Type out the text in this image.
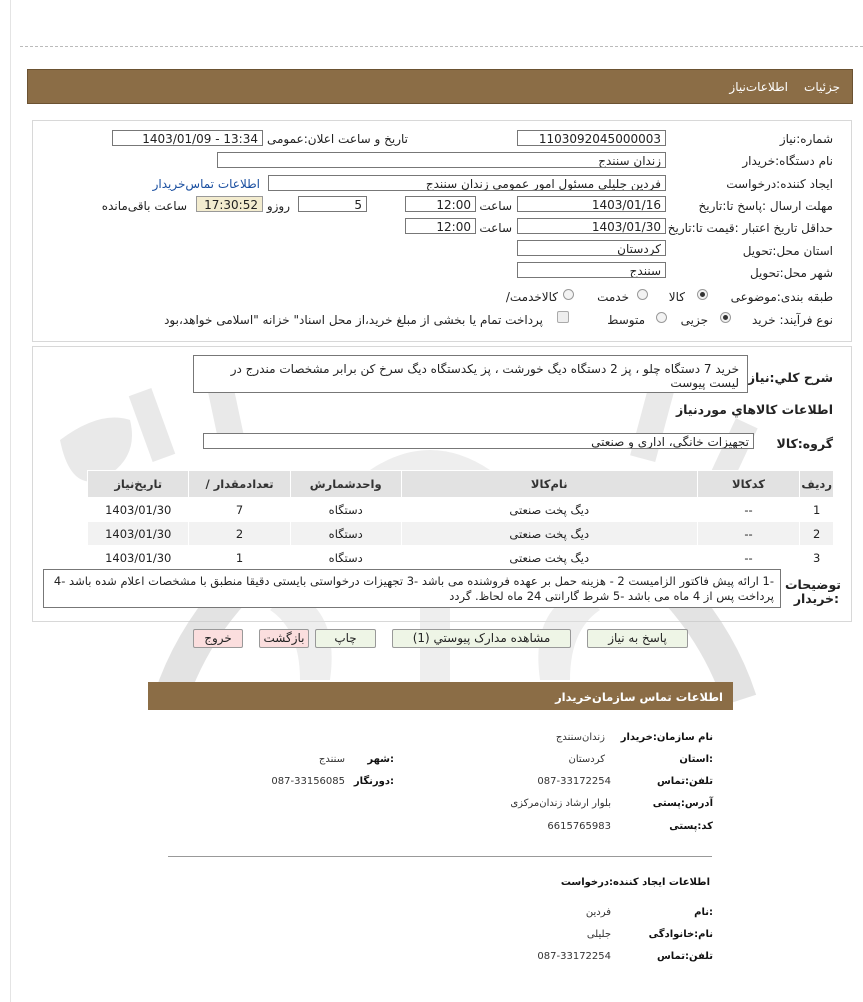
جزئیات
اطلاعات‌نیاز
شماره:نیاز
1103092045000003
تاریخ و ساعت اعلان:عمومی
1403/01/09 - 13:34
نام دستگاه:خریدار
زندان سنندج
ایجاد کننده:درخواست
فردین جلیلی مسئول امور عمومی زندان سنندج
اطلاعات تماس‌خریدار
مهلت ارسال :پاسخ تا:تاریخ
1403/01/16
ساعت
12:00
5
روزو
17:30:52
ساعت باقی‌مانده
حداقل تاریخ اعتبار :قیمت تا:تاریخ
1403/01/30
ساعت
12:00
استان محل:تحویل
کردستان
شهر محل:تحویل
سنندج
طبقه بندی:موضوعی
کالا
خدمت
/کالاخدمت
نوع فرآیند: خرید
جزیی
متوسط
پرداخت تمام یا بخشی از مبلغ خرید،از محل اسناد" خزانه "اسلامی خواهد،بود
شرح کلي:نياز
خرید 7 دستگاه چلو ، پز 2 دستگاه دیگ خورشت ، پز یکدستگاه دیگ سرخ کن برابر مشخصات مندرج در لیست پیوست
اطلاعات کالاهاي موردنياز
گروه:کالا
تجهیزات خانگی، اداری و صنعتی
تاريخ‌نياز	/ تعدادمقدار	واحدشمارش	نام‌کالا	کدکالا	رديف
1403/01/30	7	دستگاه	دیگ پخت صنعتی	--	1
1403/01/30	2	دستگاه	دیگ پخت صنعتی	--	2
1403/01/30	1	دستگاه	دیگ پخت صنعتی	--	3
توضیحات :خریدار
-1 ارائه پیش فاکتور الزامیست 2 - هزینه حمل بر عهده فروشنده می باشد -3 تجهیزات درخواستی بایستی دقیقا منطبق با مشخصات اعلام شده باشد -4 پرداخت پس از 4 ماه می باشد -5 شرط گارانتی 24 ماه لحاظ. گردد
پاسخ به نیاز
مشاهده مدارک پیوستي (1)
چاپ
بازگشت
خروج
اطلاعات تماس سازمان‌خریدار
نام سازمان:خریدار
زندان‌سنندج
استان:
کردستان
شهر:
سنندج
تلفن:تماس
087-33172254
دورنگار:
087-33156085
آدرس:پستی
بلوار ارشاد زندان‌مرکزی
کد:پستی
6615765983
اطلاعات ایجاد کننده:درخواست
نام:
فردین
نام:خانوادگی
جلیلی
تلفن:تماس
087-33172254
